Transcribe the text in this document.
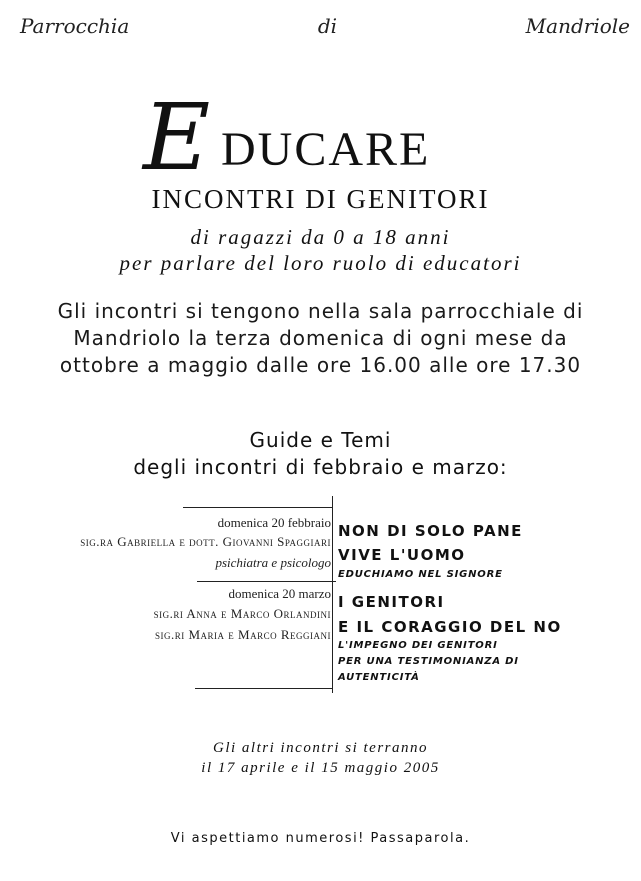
Parrocchia	di	Mandriole
E DUCARE
INCONTRI DI GENITORI
di ragazzi da 0 a 18 anni
per parlare del loro ruolo di educatori
Gli incontri si tengono nella sala parrocchiale di
Mandriolo la terza domenica di ogni mese da
ottobre a maggio dalle ore 16.00 alle ore 17.30
Guide e Temi
degli incontri di febbraio e marzo:
domenica 20 febbraio
sig.ra Gabriella e dott. Giovanni Spaggiari
psichiatra e psicologo
NON DI SOLO PANE
VIVE L'UOMO
EDUCHIAMO NEL SIGNORE
domenica 20 marzo
sig.ri Anna e Marco Orlandini
sig.ri Maria e Marco Reggiani
I GENITORI
E IL CORAGGIO DEL NO
L'IMPEGNO DEI GENITORI
PER UNA TESTIMONIANZA DI
AUTENTICITÀ
Gli altri incontri si terranno
il 17 aprile e il 15 maggio 2005
Vi aspettiamo numerosi! Passaparola.
